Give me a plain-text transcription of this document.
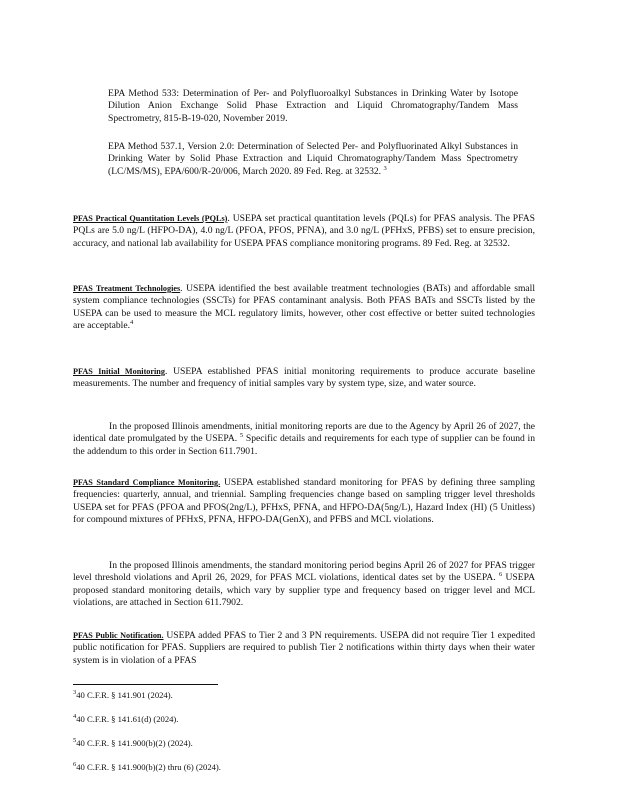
EPA Method 533: Determination of Per- and Polyfluoroalkyl Substances in Drinking Water by Isotope Dilution Anion Exchange Solid Phase Extraction and Liquid Chromatography/Tandem Mass Spectrometry, 815-B-19-020, November 2019.

EPA Method 537.1, Version 2.0: Determination of Selected Per- and Polyfluorinated Alkyl Substances in Drinking Water by Solid Phase Extraction and Liquid Chromatography/Tandem Mass Spectrometry (LC/MS/MS), EPA/600/R-20/006, March 2020. 89 Fed. Reg. at 32532. $^3$

PFAS Practical Quantitation Levels (PQLs). USEPA set practical quantitation levels (PQLs) for PFAS analysis. The PFAS PQLs are 5.0 ng/L (HFPO-DA), 4.0 ng/L (PFOA, PFOS, PFNA), and 3.0 ng/L (PFHxS, PFBS) set to ensure precision, accuracy, and national lab availability for USEPA PFAS compliance monitoring programs. 89 Fed. Reg. at 32532.

PFAS Treatment Technologies. USEPA identified the best available treatment technologies (BATs) and affordable small system compliance technologies (SSCTs) for PFAS contaminant analysis. Both PFAS BATs and SSCTs listed by the USEPA can be used to measure the MCL regulatory limits, however, other cost effective or better suited technologies are acceptable.$^4$

PFAS Initial Monitoring. USEPA established PFAS initial monitoring requirements to produce accurate baseline measurements. The number and frequency of initial samples vary by system type, size, and water source.

In the proposed Illinois amendments, initial monitoring reports are due to the Agency by April 26 of 2027, the identical date promulgated by the USEPA. $^5$ Specific details and requirements for each type of supplier can be found in the addendum to this order in Section 611.7901.

PFAS Standard Compliance Monitoring. USEPA established standard monitoring for PFAS by defining three sampling frequencies: quarterly, annual, and triennial. Sampling frequencies change based on sampling trigger level thresholds USEPA set for PFAS (PFOA and PFOS(2ng/L), PFHxS, PFNA, and HFPO-DA(5ng/L), Hazard Index (HI) (5 Unitless) for compound mixtures of PFHxS, PFNA, HFPO-DA(GenX), and PFBS and MCL violations.

In the proposed Illinois amendments, the standard monitoring period begins April 26 of 2027 for PFAS trigger level threshold violations and April 26, 2029, for PFAS MCL violations, identical dates set by the USEPA. $^6$ USEPA proposed standard monitoring details, which vary by supplier type and frequency based on trigger level and MCL violations, are attached in Section 611.7902.

PFAS Public Notification. USEPA added PFAS to Tier 2 and 3 PN requirements. USEPA did not require Tier 1 expedited public notification for PFAS. Suppliers are required to publish Tier 2 notifications within thirty days when their water system is in violation of a PFAS

$^3$40 C.F.R. § 141.901 (2024).
$^4$40 C.F.R. § 141.61(d) (2024).
$^5$40 C.F.R. § 141.900(b)(2) (2024).
$^6$40 C.F.R. § 141.900(b)(2) thru (6) (2024).
